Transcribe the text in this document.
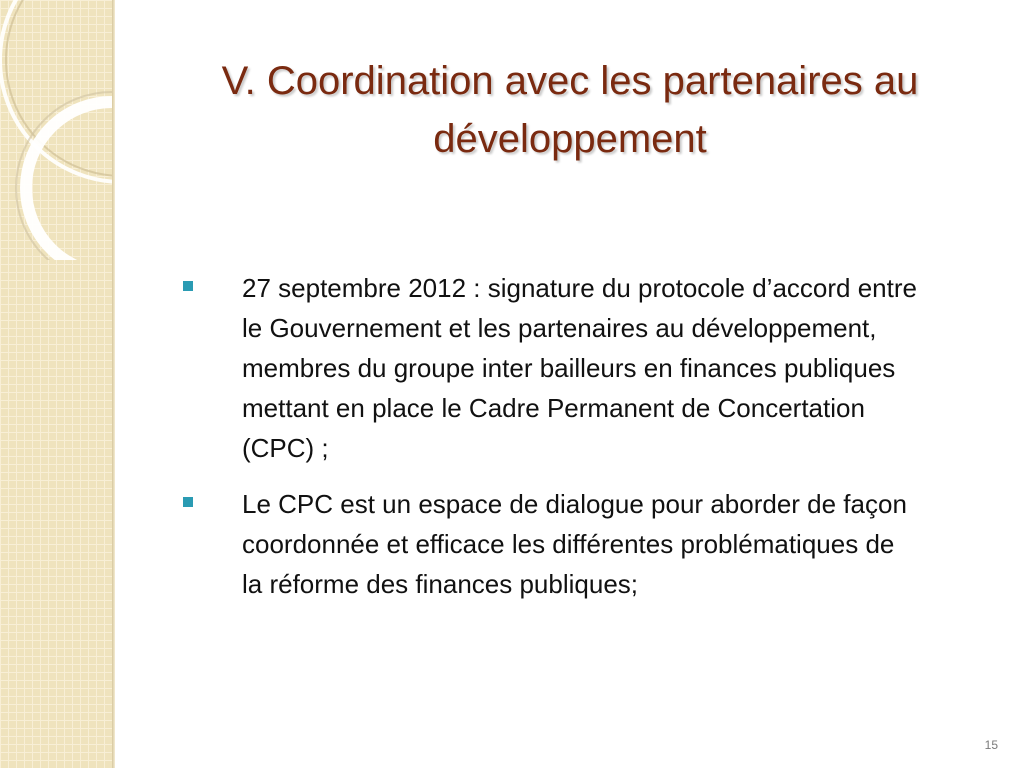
V. Coordination avec les partenaires au développement
27 septembre 2012 : signature du protocole d’accord entre le Gouvernement et les partenaires au développement, membres du groupe inter bailleurs en finances publiques mettant en place le Cadre Permanent de Concertation (CPC) ;
Le CPC est un espace de dialogue pour aborder de façon coordonnée et efficace les différentes problématiques de la réforme des finances publiques;
15
